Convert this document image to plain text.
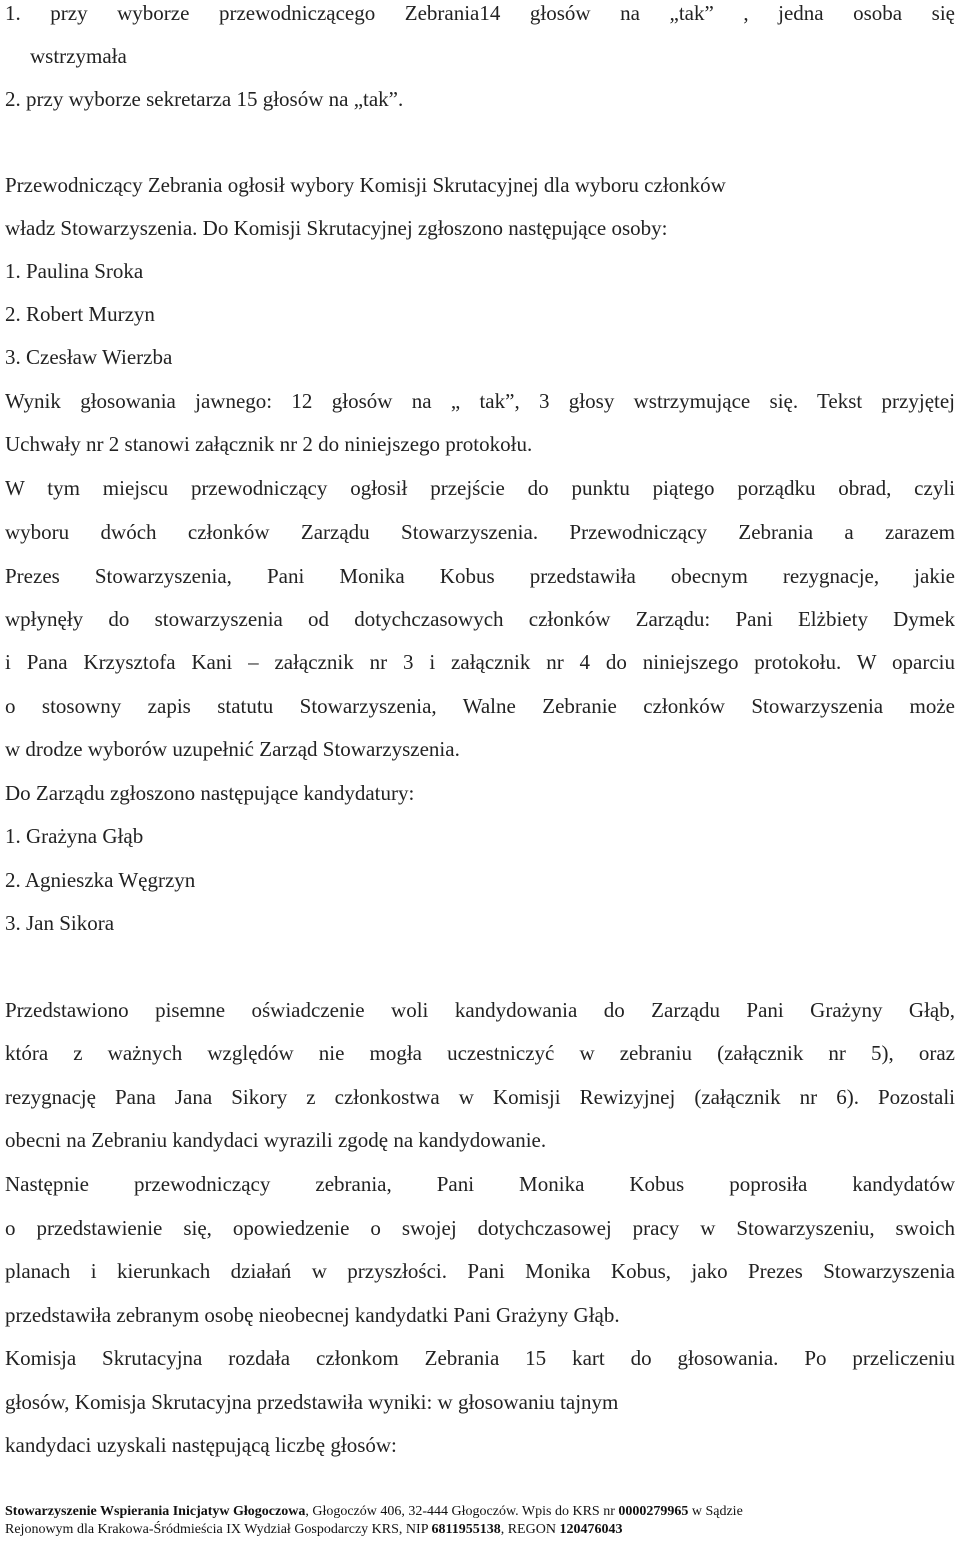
1. przy wyborze przewodniczącego Zebrania14 głosów na „tak” , jedna osoba się
wstrzymała
2. przy wyborze sekretarza 15 głosów na „tak”.
Przewodniczący Zebrania ogłosił wybory Komisji Skrutacyjnej dla wyboru członków
władz Stowarzyszenia. Do Komisji Skrutacyjnej zgłoszono następujące osoby:
1. Paulina Sroka
2. Robert Murzyn
3. Czesław Wierzba
Wynik głosowania jawnego: 12 głosów na „ tak”, 3 głosy wstrzymujące się. Tekst przyjętej
Uchwały nr 2 stanowi załącznik nr 2 do niniejszego protokołu.
W tym miejscu przewodniczący ogłosił przejście do punktu piątego porządku obrad, czyli
wyboru dwóch członków Zarządu Stowarzyszenia. Przewodniczący Zebrania a zarazem
Prezes Stowarzyszenia, Pani Monika Kobus przedstawiła obecnym rezygnacje, jakie
wpłynęły do stowarzyszenia od dotychczasowych członków Zarządu: Pani Elżbiety Dymek
i Pana Krzysztofa Kani – załącznik nr 3 i załącznik nr 4 do niniejszego protokołu. W oparciu
o stosowny zapis statutu Stowarzyszenia, Walne Zebranie członków Stowarzyszenia może
w drodze wyborów uzupełnić Zarząd Stowarzyszenia.
Do Zarządu zgłoszono następujące kandydatury:
1. Grażyna Głąb
2. Agnieszka Węgrzyn
3. Jan Sikora
Przedstawiono pisemne oświadczenie woli kandydowania do Zarządu Pani Grażyny Głąb,
która z ważnych względów nie mogła uczestniczyć w zebraniu (załącznik nr 5), oraz
rezygnację Pana Jana Sikory z członkostwa w Komisji Rewizyjnej (załącznik nr 6). Pozostali
obecni na Zebraniu kandydaci wyrazili zgodę na kandydowanie.
Następnie przewodniczący zebrania, Pani Monika Kobus poprosiła kandydatów
o przedstawienie się, opowiedzenie o swojej dotychczasowej pracy w Stowarzyszeniu, swoich
planach i kierunkach działań w przyszłości. Pani Monika Kobus, jako Prezes Stowarzyszenia
przedstawiła zebranym osobę nieobecnej kandydatki Pani Grażyny Głąb.
Komisja Skrutacyjna rozdała członkom Zebrania 15 kart do głosowania. Po przeliczeniu
głosów, Komisja Skrutacyjna przedstawiła wyniki: w głosowaniu tajnym
kandydaci uzyskali następującą liczbę głosów:
Stowarzyszenie Wspierania Inicjatyw Głogoczowa, Głogoczów 406, 32-444 Głogoczów. Wpis do KRS nr 0000279965 w Sądzie
Rejonowym dla Krakowa-Śródmieścia IX Wydział Gospodarczy KRS, NIP 6811955138, REGON 120476043
